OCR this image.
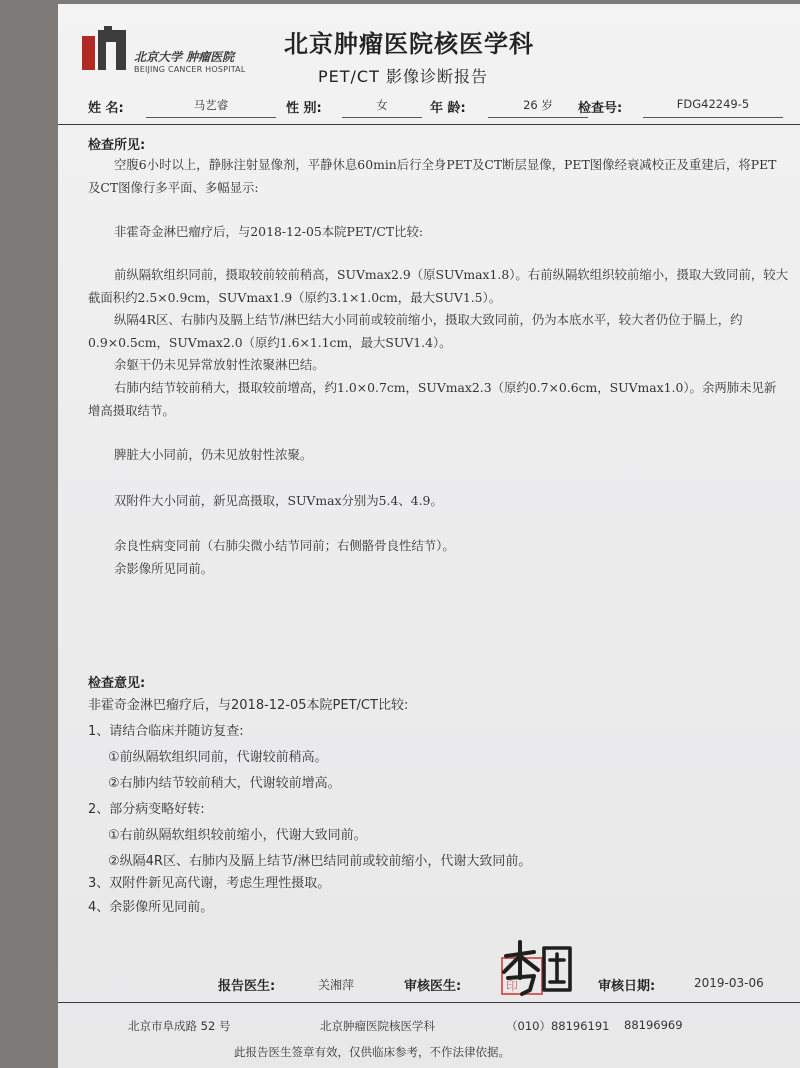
北京大学 肿瘤医院
BEIJING CANCER HOSPITAL
北京肿瘤医院核医学科
PET/CT 影像诊断报告
姓 名:	马艺睿	性 别:	女	年 龄:	26 岁	检查号:	FDG42249-5
检查所见:
空腹6小时以上，静脉注射显像剂，平静休息60min后行全身PET及CT断层显像，PET图像经衰减校正及重建后，将PET及CT图像行多平面、多幅显示:
非霍奇金淋巴瘤疗后，与2018-12-05本院PET/CT比较:
前纵隔软组织同前，摄取较前较前稍高，SUVmax2.9（原SUVmax1.8）。右前纵隔软组织较前缩小，摄取大致同前，较大截面积约2.5×0.9cm，SUVmax1.9（原约3.1×1.0cm，最大SUV1.5）。
纵隔4R区、右肺内及膈上结节/淋巴结大小同前或较前缩小，摄取大致同前，仍为本底水平，较大者仍位于膈上，约0.9×0.5cm，SUVmax2.0（原约1.6×1.1cm，最大SUV1.4）。
余躯干仍未见异常放射性浓聚淋巴结。
右肺内结节较前稍大，摄取较前增高，约1.0×0.7cm，SUVmax2.3（原约0.7×0.6cm，SUVmax1.0）。余两肺未见新增高摄取结节。
脾脏大小同前，仍未见放射性浓聚。
双附件大小同前，新见高摄取，SUVmax分别为5.4、4.9。
余良性病变同前（右肺尖微小结节同前；右侧骼骨良性结节）。
余影像所见同前。
检查意见:
非霍奇金淋巴瘤疗后，与2018-12-05本院PET/CT比较:
1、请结合临床并随访复查:
①前纵隔软组织同前，代谢较前稍高。
②右肺内结节较前稍大，代谢较前增高。
2、部分病变略好转:
①右前纵隔软组织较前缩小，代谢大致同前。
②纵隔4R区、右肺内及膈上结节/淋巴结同前或较前缩小，代谢大致同前。
3、双附件新见高代谢，考虑生理性摄取。
4、余影像所见同前。
印
报告医生:	关湘萍	审核医生:	审核日期:	2019-03-06
北京市阜成路 52 号	北京肿瘤医院核医学科	（010）88196191 88196969
此报告医生签章有效，仅供临床参考，不作法律依据。
